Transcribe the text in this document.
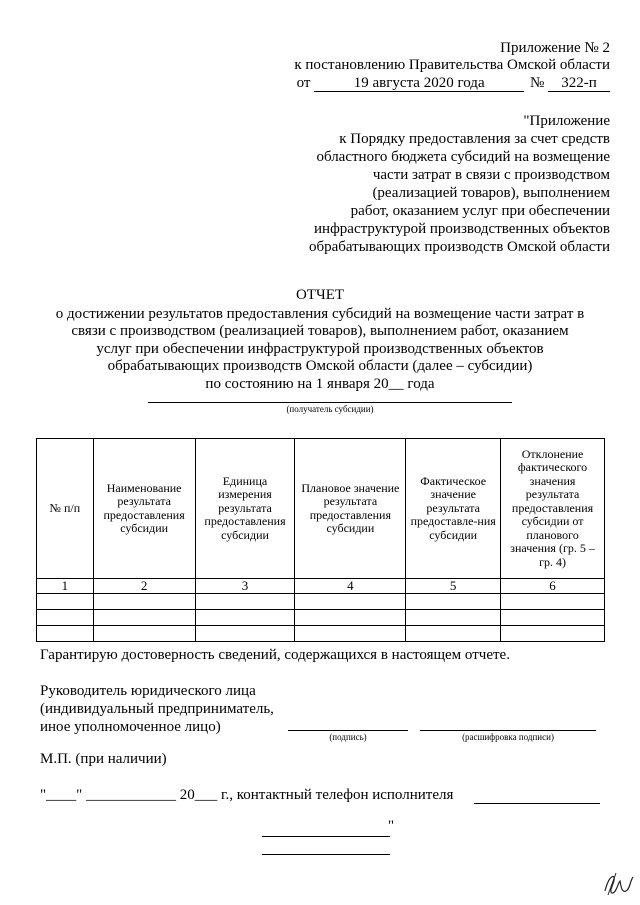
Приложение № 2
к постановлению Правительства Омской области
от	19 августа 2020 года	№ 322-п
"Приложение
к Порядку предоставления за счет средств
областного бюджета субсидий на возмещение
части затрат в связи с производством
(реализацией товаров), выполнением
работ, оказанием услуг при обеспечении
инфраструктурой производственных объектов
обрабатывающих производств Омской области
ОТЧЕТ
о достижении результатов предоставления субсидий на возмещение части затрат в
связи с производством (реализацией товаров), выполнением работ, оказанием
услуг при обеспечении инфраструктурой производственных объектов
обрабатывающих производств Омской области (далее – субсидии)
по состоянию на 1 января 20__ года
(получатель субсидии)
№ п/п	Наименование результата предоставления субсидии	Единица измерения результата предоставления субсидии	Плановое значение результата предоставления субсидии	Фактическое значение результата предоставле-ния субсидии	Отклонение фактического значения результата предоставления субсидии от планового значения (гр. 5 – гр. 4)
1	2	3	4	5	6

Гарантирую достоверность сведений, содержащихся в настоящем отчете.
Руководитель юридического лица
(индивидуальный предприниматель,
иное уполномоченное лицо)
(подпись)	(расшифровка подписи)
М.П. (при наличии)
"____" ____________ 20___ г., контактный телефон исполнителя
"
